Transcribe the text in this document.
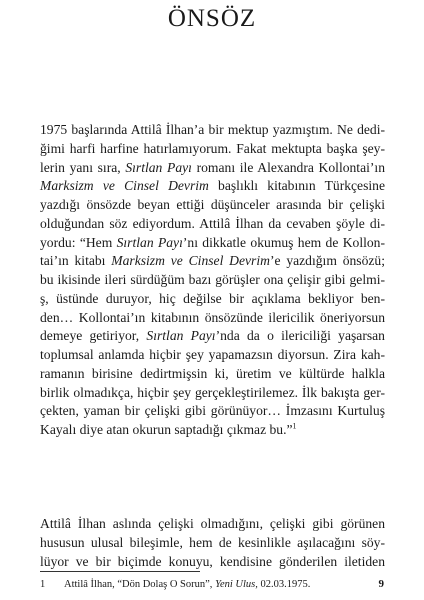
ÖNSÖZ
1975 başlarında Attilâ İlhan’a bir mektup yazmıştım. Ne dedi-
ğimi harfi harfine hatırlamıyorum. Fakat mektupta başka şey-
lerin yanı sıra, Sırtlan Payı romanı ile Alexandra Kollontai’ın
Marksizm ve Cinsel Devrim başlıklı kitabının Türkçesine
yazdığı önsözde beyan ettiği düşünceler arasında bir çelişki
olduğundan söz ediyordum. Attilâ İlhan da cevaben şöyle di-
yordu: “Hem Sırtlan Payı’nı dikkatle okumuş hem de Kollon-
tai’ın kitabı Marksizm ve Cinsel Devrim’e yazdığım önsözü;
bu ikisinde ileri sürdüğüm bazı görüşler ona çelişir gibi gelmi-
ş, üstünde duruyor, hiç değilse bir açıklama bekliyor ben-
den… Kollontai’ın kitabının önsözünde ilericilik öneriyorsun
demeye getiriyor, Sırtlan Payı’nda da o ilericiliği yaşarsan
toplumsal anlamda hiçbir şey yapamazsın diyorsun. Zira kah-
ramanın birisine dedirtmişsin ki, üretim ve kültürde halkla
birlik olmadıkça, hiçbir şey gerçekleştirilemez. İlk bakışta ger-
çekten, yaman bir çelişki gibi görünüyor… İmzasını Kurtuluş
Kayalı diye atan okurun saptadığı çıkmaz bu.”$^1$
Attilâ İlhan aslında çelişki olmadığını, çelişki gibi görünen
hususun ulusal bileşimle, hem de kesinlikle aşılacağını söy-
lüyor ve bir biçimde konuyu, kendisine gönderilen iletiden
1 Attilâ İlhan, “Dön Dolaş O Sorun”, Yeni Ulus, 02.03.1975.	9
